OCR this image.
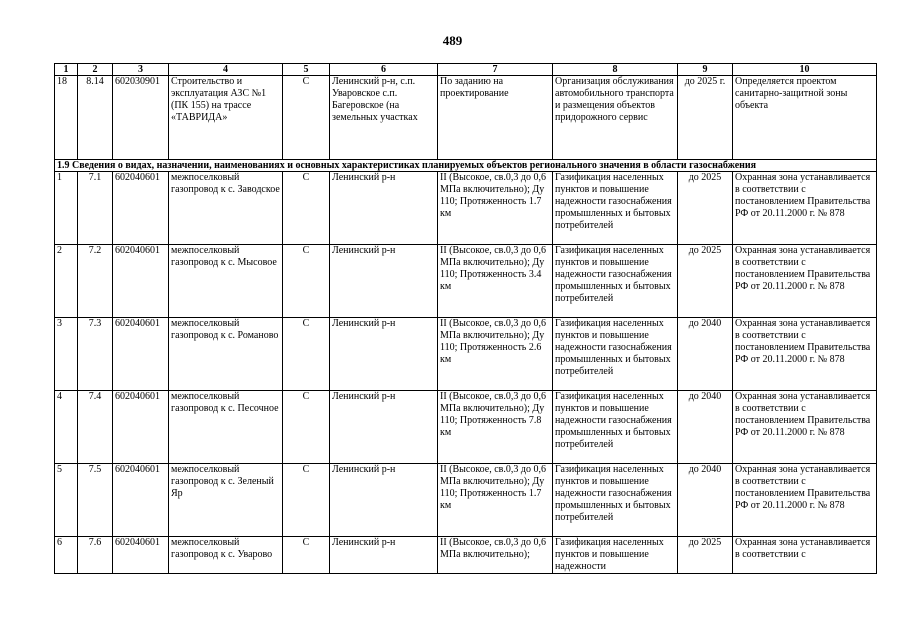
489
1	2	3	4	5	6	7	8	9	10
18	8.14	602030901	Строительство и эксплуатация АЗС №1 (ПК 155) на трассе «ТАВРИДА»	С	Ленинский р-н, с.п. Уваровское с.п. Багеровское (на земельных участках	По заданию на проектирование	Организация обслуживания автомобильного транспорта и размещения объектов придорожного сервис	до 2025 г.	Определяется проектом санитарно-защитной зоны объекта
1.9 Сведения о видах, назначении, наименованиях и основных характеристиках планируемых объектов регионального значения в области газоснабжения									
1	7.1	602040601	межпоселковый газопровод к с. Заводское	С	Ленинский р-н	II (Высокое, св.0,3 до 0,6 МПа включительно); Ду 110; Протяженность 1.7 км	Газификация населенных пунктов и повышение надежности газоснабжения промышленных и бытовых потребителей	до 2025	Охранная зона устанавливается в соответствии с постановлением Правительства РФ от 20.11.2000 г. № 878
2	7.2	602040601	межпоселковый газопровод к с. Мысовое	С	Ленинский р-н	II (Высокое, св.0,3 до 0,6 МПа включительно); Ду 110; Протяженность 3.4 км	Газификация населенных пунктов и повышение надежности газоснабжения промышленных и бытовых потребителей	до 2025	Охранная зона устанавливается в соответствии с постановлением Правительства РФ от 20.11.2000 г. № 878
3	7.3	602040601	межпоселковый газопровод к с. Романово	С	Ленинский р-н	II (Высокое, св.0,3 до 0,6 МПа включительно); Ду 110; Протяженность 2.6 км	Газификация населенных пунктов и повышение надежности газоснабжения промышленных и бытовых потребителей	до 2040	Охранная зона устанавливается в соответствии с постановлением Правительства РФ от 20.11.2000 г. № 878
4	7.4	602040601	межпоселковый газопровод к с. Песочное	С	Ленинский р-н	II (Высокое, св.0,3 до 0,6 МПа включительно); Ду 110; Протяженность 7.8 км	Газификация населенных пунктов и повышение надежности газоснабжения промышленных и бытовых потребителей	до 2040	Охранная зона устанавливается в соответствии с постановлением Правительства РФ от 20.11.2000 г. № 878
5	7.5	602040601	межпоселковый газопровод к с. Зеленый Яр	С	Ленинский р-н	II (Высокое, св.0,3 до 0,6 МПа включительно); Ду 110; Протяженность 1.7 км	Газификация населенных пунктов и повышение надежности газоснабжения промышленных и бытовых потребителей	до 2040	Охранная зона устанавливается в соответствии с постановлением Правительства РФ от 20.11.2000 г. № 878
6	7.6	602040601	межпоселковый газопровод к с. Уварово	С	Ленинский р-н	II (Высокое, св.0,3 до 0,6 МПа включительно);	Газификация населенных пунктов и повышение надежности	до 2025	Охранная зона устанавливается в соответствии с
